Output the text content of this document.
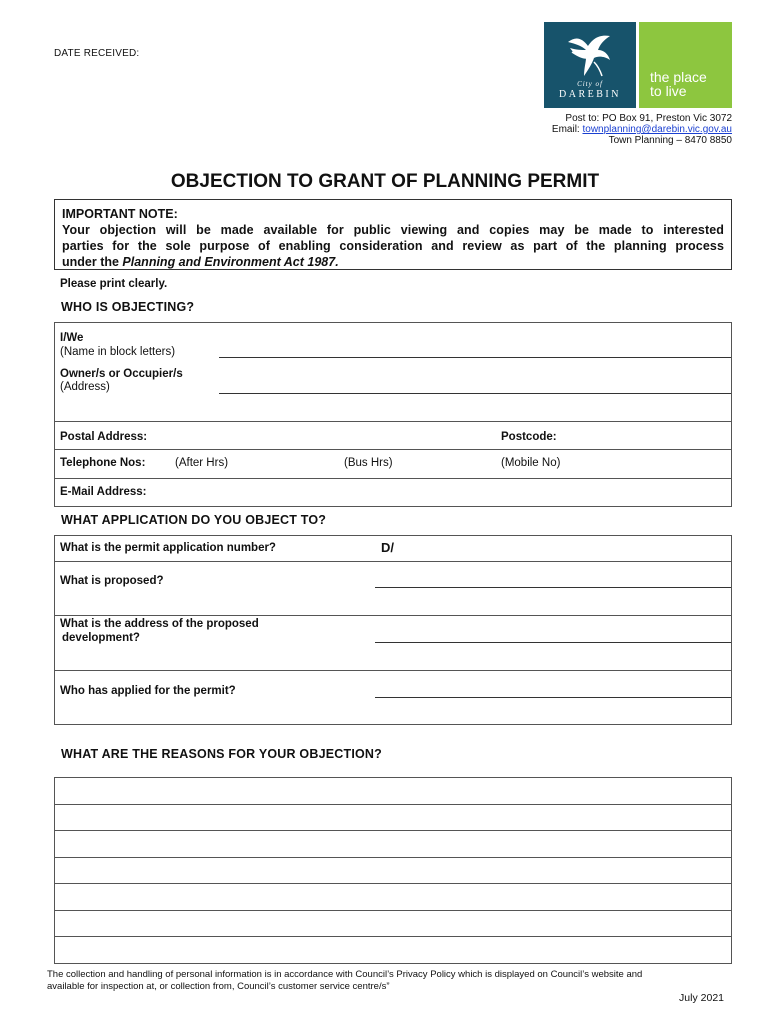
DATE RECEIVED:
City of
DAREBIN
the place
to live
Post to: PO Box 91, Preston Vic 3072
Email: townplanning@darebin.vic.gov.au
Town Planning – 8470 8850
OBJECTION TO GRANT OF PLANNING PERMIT
IMPORTANT NOTE:
Your objection will be made available for public viewing and copies may be made to interested
parties for the sole purpose of enabling consideration and review as part of the planning process
under the Planning and Environment Act 1987.
Please print clearly.
WHO IS OBJECTING?
I/We
(Name in block letters)
Owner/s or Occupier/s
(Address)
Postal Address:	Postcode:
Telephone Nos:	(After Hrs)	(Bus Hrs)	(Mobile No)
E-Mail Address:
WHAT APPLICATION DO YOU OBJECT TO?
What is the permit application number?	D/
What is proposed?
What is the address of the proposed
development?
Who has applied for the permit?
WHAT ARE THE REASONS FOR YOUR OBJECTION?
The collection and handling of personal information is in accordance with Council’s Privacy Policy which is displayed on Council’s website and
available for inspection at, or collection from, Council’s customer service centre/s”
July 2021
